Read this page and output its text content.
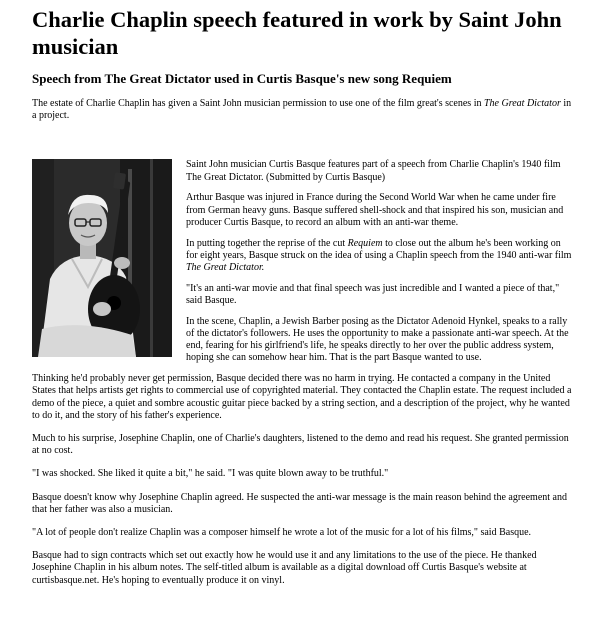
Charlie Chaplin speech featured in work by Saint John musician
Speech from The Great Dictator used in Curtis Basque's new song Requiem

The estate of Charlie Chaplin has given a Saint John musician permission to use one of the film great's scenes in The Great Dictator in a project.

Saint John musician Curtis Basque features part of a speech from Charlie Chaplin's 1940 film The Great Dictator. (Submitted by Curtis Basque)

Arthur Basque was injured in France during the Second World War when he came under fire from German heavy guns. Basque suffered shell-shock and that inspired his son, musician and producer Curtis Basque, to record an album with an anti-war theme.

In putting together the reprise of the cut Requiem to close out the album he's been working on for eight years, Basque struck on the idea of using a Chaplin speech from the 1940 anti-war film The Great Dictator.

"It's an anti-war movie and that final speech was just incredible and I wanted a piece of that," said Basque.

In the scene, Chaplin, a Jewish Barber posing as the Dictator Adenoid Hynkel, speaks to a rally of the dictator's followers. He uses the opportunity to make a passionate anti-war speech. At the end, fearing for his girlfriend's life, he speaks directly to her over the public address system, hoping she can somehow hear him. That is the part Basque wanted to use.

Thinking he'd probably never get permission, Basque decided there was no harm in trying. He contacted a company in the United States that helps artists get rights to commercial use of copyrighted material. They contacted the Chaplin estate. The request included a demo of the piece, a quiet and sombre acoustic guitar piece backed by a string section, and a description of the project, why he wanted to do it, and the story of his father's experience.

Much to his surprise, Josephine Chaplin, one of Charlie's daughters, listened to the demo and read his request. She granted permission at no cost.

"I was shocked. She liked it quite a bit," he said. "I was quite blown away to be truthful."

Basque doesn't know why Josephine Chaplin agreed. He suspected the anti-war message is the main reason behind the agreement and that her father was also a musician.

"A lot of people don't realize Chaplin was a composer himself he wrote a lot of the music for a lot of his films," said Basque.

Basque had to sign contracts which set out exactly how he would use it and any limitations to the use of the piece. He thanked Josephine Chaplin in his album notes. The self-titled album is available as a digital download off Curtis Basque's website at curtisbasque.net. He's hoping to eventually produce it on vinyl.
